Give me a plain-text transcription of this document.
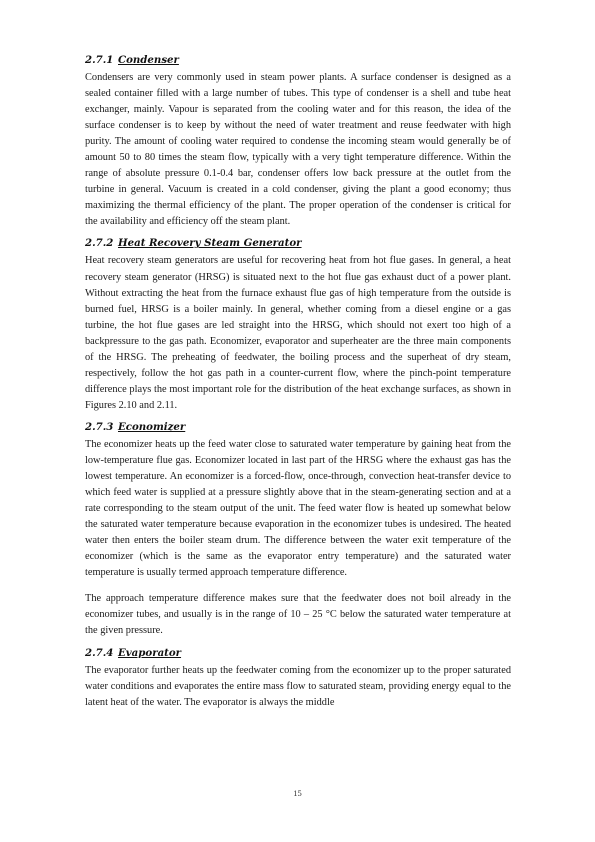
2.7.1 Condenser

Condensers are very commonly used in steam power plants. A surface condenser is designed as a sealed container filled with a large number of tubes. This type of condenser is a shell and tube heat exchanger, mainly. Vapour is separated from the cooling water and for this reason, the idea of the surface condenser is to keep by without the need of water treatment and reuse feedwater with high purity. The amount of cooling water required to condense the incoming steam would generally be of amount 50 to 80 times the steam flow, typically with a very tight temperature difference. Within the range of absolute pressure 0.1-0.4 bar, condenser offers low back pressure at the outlet from the turbine in general. Vacuum is created in a cold condenser, giving the plant a good economy; thus maximizing the thermal efficiency of the plant. The proper operation of the condenser is critical for the availability and efficiency off the steam plant.

2.7.2 Heat Recovery Steam Generator

Heat recovery steam generators are useful for recovering heat from hot flue gases. In general, a heat recovery steam generator (HRSG) is situated next to the hot flue gas exhaust duct of a power plant. Without extracting the heat from the furnace exhaust flue gas of high temperature from the outside is burned fuel, HRSG is a boiler mainly. In general, whether coming from a diesel engine or a gas turbine, the hot flue gases are led straight into the HRSG, which should not exert too high of a backpressure to the gas path. Economizer, evaporator and superheater are the three main components of the HRSG. The preheating of feedwater, the boiling process and the superheat of dry steam, respectively, follow the hot gas path in a counter-current flow, where the pinch-point temperature difference plays the most important role for the distribution of the heat exchange surfaces, as shown in Figures 2.10 and 2.11.

2.7.3 Economizer

The economizer heats up the feed water close to saturated water temperature by gaining heat from the low-temperature flue gas. Economizer located in last part of the HRSG where the exhaust gas has the lowest temperature. An economizer is a forced-flow, once-through, convection heat-transfer device to which feed water is supplied at a pressure slightly above that in the steam-generating section and at a rate corresponding to the steam output of the unit. The feed water flow is heated up somewhat below the saturated water temperature because evaporation in the economizer tubes is undesired. The heated water then enters the boiler steam drum. The difference between the water exit temperature of the economizer (which is the same as the evaporator entry temperature) and the saturated water temperature is usually termed approach temperature difference.

The approach temperature difference makes sure that the feedwater does not boil already in the economizer tubes, and usually is in the range of 10 – 25 °C below the saturated water temperature at the given pressure.

2.7.4 Evaporator

The evaporator further heats up the feedwater coming from the economizer up to the proper saturated water conditions and evaporates the entire mass flow to saturated steam, providing energy equal to the latent heat of the water. The evaporator is always the middle

15
